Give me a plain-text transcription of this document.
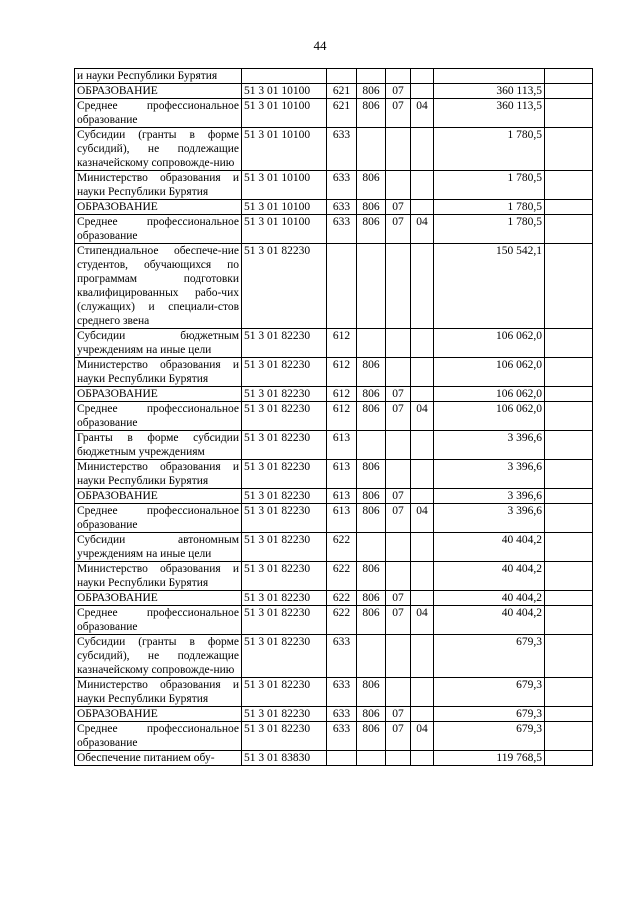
44
и науки Республики Бурятия							
ОБРАЗОВАНИЕ	51 3 01 10100	621	806	07		360 113,5	
Среднее профессиональное образование	51 3 01 10100	621	806	07	04	360 113,5	
Субсидии (гранты в форме субсидий), не подлежащие казначейскому сопровожде-нию	51 3 01 10100	633				1 780,5	
Министерство образования и науки Республики Бурятия	51 3 01 10100	633	806			1 780,5	
ОБРАЗОВАНИЕ	51 3 01 10100	633	806	07		1 780,5	
Среднее профессиональное образование	51 3 01 10100	633	806	07	04	1 780,5	
Стипендиальное обеспече-ние студентов, обучающихся по программам подготовки квалифицированных рабо-чих (служащих) и специали-стов среднего звена	51 3 01 82230					150 542,1	
Субсидии бюджетным учреждениям на иные цели	51 3 01 82230	612				106 062,0	
Министерство образования и науки Республики Бурятия	51 3 01 82230	612	806			106 062,0	
ОБРАЗОВАНИЕ	51 3 01 82230	612	806	07		106 062,0	
Среднее профессиональное образование	51 3 01 82230	612	806	07	04	106 062,0	
Гранты в форме субсидии бюджетным учреждениям	51 3 01 82230	613				3 396,6	
Министерство образования и науки Республики Бурятия	51 3 01 82230	613	806			3 396,6	
ОБРАЗОВАНИЕ	51 3 01 82230	613	806	07		3 396,6	
Среднее профессиональное образование	51 3 01 82230	613	806	07	04	3 396,6	
Субсидии автономным учреждениям на иные цели	51 3 01 82230	622				40 404,2	
Министерство образования и науки Республики Бурятия	51 3 01 82230	622	806			40 404,2	
ОБРАЗОВАНИЕ	51 3 01 82230	622	806	07		40 404,2	
Среднее профессиональное образование	51 3 01 82230	622	806	07	04	40 404,2	
Субсидии (гранты в форме субсидий), не подлежащие казначейскому сопровожде-нию	51 3 01 82230	633				679,3	
Министерство образования и науки Республики Бурятия	51 3 01 82230	633	806			679,3	
ОБРАЗОВАНИЕ	51 3 01 82230	633	806	07		679,3	
Среднее профессиональное образование	51 3 01 82230	633	806	07	04	679,3	
Обеспечение питанием обу-	51 3 01 83830					119 768,5	
